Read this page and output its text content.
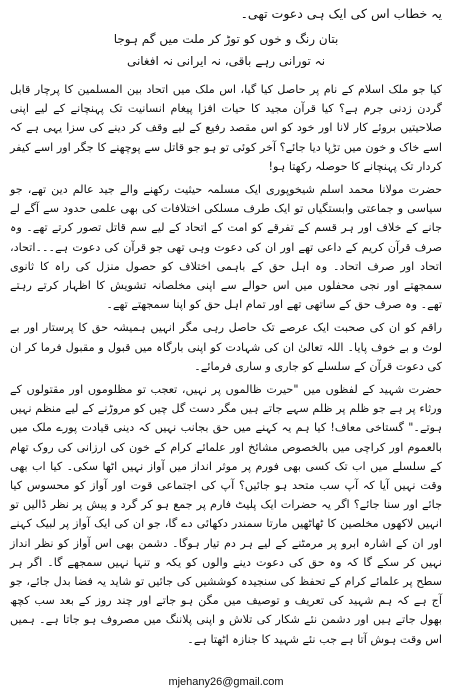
یہ خطاب اس کی ایک ہی دعوت تھی۔

بتان رنگ و خوں کو توڑ کر ملت میں گم ہوجا

نہ تورانی رہے باقی، نہ ایرانی نہ افغانی

کیا جو ملک اسلام کے نام پر حاصل کیا گیا، اس ملک میں اتحاد بین المسلمین کا پرچار قابل گردن زدنی جرم ہے؟ کیا قرآن مجید کا حیات افزا پیغام انسانیت تک پہنچانے کے لیے اپنی صلاحیتیں بروئے کار لانا اور خود کو اس مقصد رفیع کے لیے وقف کر دینے کی سزا یہی ہے کہ اسے خاک و خون میں تڑپا دیا جائے؟ آخر کوئی تو ہو جو قاتل سے پوچھنے کا جگر اور اسے کیفر کردار تک پہنچانے کا حوصلہ رکھتا ہو!

حضرت مولانا محمد اسلم شیخوپوری ایک مسلمہ حیثیت رکھنے والے جید عالم دین تھے، جو سیاسی و جماعتی وابستگیاں تو ایک طرف مسلکی اختلافات کی بھی علمی حدود سے آگے لے جانے کے خلاف اور ہر قسم کے تفرقے کو امت کے اتحاد کے لیے سم قاتل تصور کرتے تھے۔ وہ صرف قرآن کریم کے داعی تھے اور ان کی دعوت وہی تھی جو قرآن کی دعوت ہے۔۔۔اتحاد، اتحاد اور صرف اتحاد۔ وہ اہل حق کے باہمی اختلاف کو حصول منزل کی راہ کا ثانوی سمجھتے اور نجی محفلوں میں اس حوالے سے اپنی مخلصانہ تشویش کا اظہار کرتے رہتے تھے۔ وہ صرف حق کے ساتھی تھے اور تمام اہل حق کو اپنا سمجھتے تھے۔

راقم کو ان کی صحبت ایک عرصے تک حاصل رہی مگر انہیں ہمیشہ حق کا پرستار اور بے لوث و بے خوف پایا۔ اللہ تعالیٰ ان کی شہادت کو اپنی بارگاہ میں قبول و مقبول فرما کر ان کی دعوت قرآن کے سلسلے کو جاری و ساری فرمائے۔

حضرت شہید کے لفظوں میں "حیرت ظالموں پر نہیں، تعجب تو مظلوموں اور مقتولوں کے ورثاء پر ہے جو ظلم پر ظلم سہے جاتے ہیں مگر دست گل چیں کو مروڑنے کے لیے منظم نہیں ہوتے۔" گستاخی معاف! کیا ہم یہ کہنے میں حق بجانب نہیں کہ دینی قیادت پورے ملک میں بالعموم اور کراچی میں بالخصوص مشائخ اور علمائے کرام کے خون کی ارزانی کی روک تھام کے سلسلے میں اب تک کسی بھی فورم پر موثر انداز میں آواز نہیں اٹھا سکی۔ کیا اب بھی وقت نہیں آیا کہ آپ سب متحد ہو جائیں؟ آپ کی اجتماعی قوت اور آواز کو محسوس کیا جائے اور سنا جائے؟ اگر یہ حضرات ایک پلیٹ فارم پر جمع ہو کر گرد و پیش پر نظر ڈالیں تو انہیں لاکھوں مخلصین کا ٹھاٹھیں مارتا سمندر دکھائی دے گا، جو ان کی ایک آواز پر لبیک کہنے اور ان کے اشارہ ابرو پر مرمٹنے کے لیے ہر دم تیار ہوگا۔ دشمن بھی اس آواز کو نظر انداز نہیں کر سکے گا کہ وہ حق کی دعوت دینے والوں کو یکہ و تنہا نہیں سمجھے گا۔ اگر ہر سطح پر علمائے کرام کے تحفظ کی سنجیدہ کوششیں کی جائیں تو شاید یہ فضا بدل جائے، جو آج ہے کہ ہم شہید کی تعریف و توصیف میں مگن ہو جاتے اور چند روز کے بعد سب کچھ بھول جاتے ہیں اور دشمن نئے شکار کی تلاش و اپنی پلاننگ میں مصروف ہو جاتا ہے۔ ہمیں اس وقت ہوش آتا ہے جب نئے شہید کا جنازہ اٹھتا ہے۔

mjehany26@gmail.com
